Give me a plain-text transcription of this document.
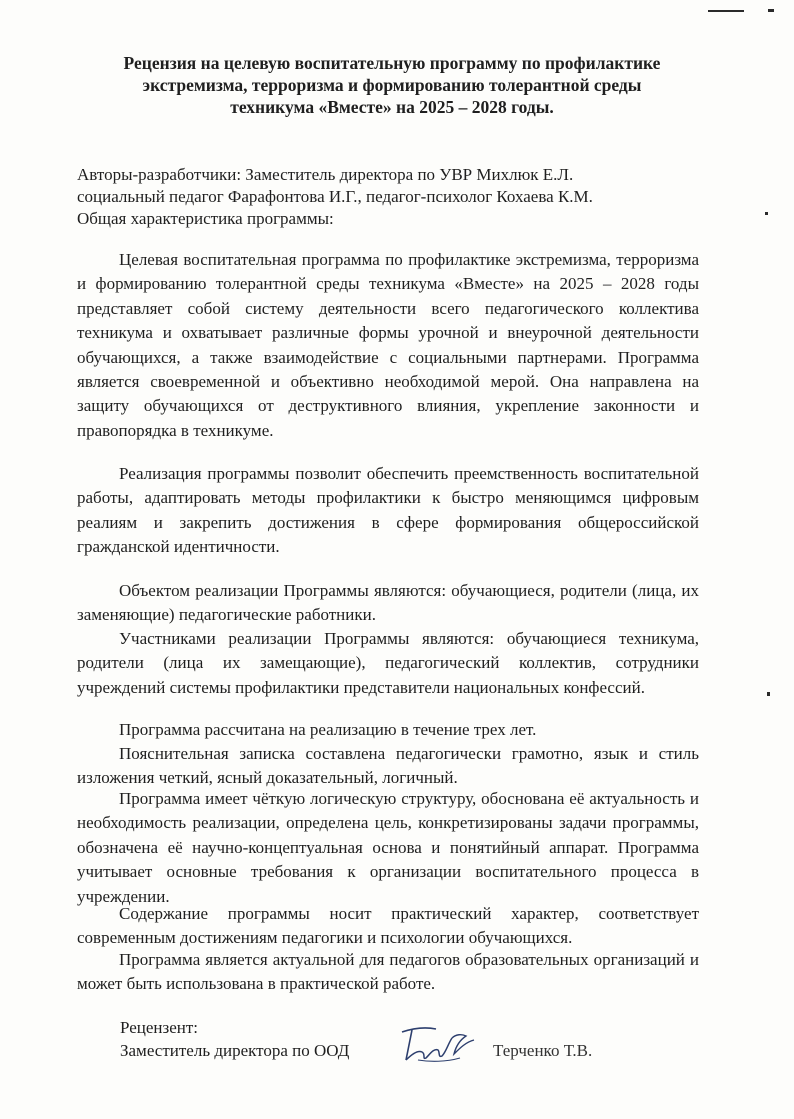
Рецензия на целевую воспитательную программу по профилактике
экстремизма, терроризма и формированию толерантной среды
техникума «Вместе» на 2025 – 2028 годы.
Авторы-разработчики: Заместитель директора по УВР Михлюк Е.Л.
социальный педагог Фарафонтова И.Г., педагог-психолог Кохаева К.М.
Общая характеристика программы:

Целевая воспитательная программа по профилактике экстремизма, терроризма и формированию толерантной среды техникума «Вместе» на 2025 – 2028 годы представляет собой систему деятельности всего педагогического коллектива техникума и охватывает различные формы урочной и внеурочной деятельности обучающихся, а также взаимодействие с социальными партнерами. Программа является своевременной и объективно необходимой мерой. Она направлена на защиту обучающихся от деструктивного влияния, укрепление законности и правопорядка в техникуме.

Реализация программы позволит обеспечить преемственность воспитательной работы, адаптировать методы профилактики к быстро меняющимся цифровым реалиям и закрепить достижения в сфере формирования общероссийской гражданской идентичности.

Объектом реализации Программы являются: обучающиеся, родители (лица, их заменяющие) педагогические работники.

Участниками реализации Программы являются: обучающиеся техникума, родители (лица их замещающие), педагогический коллектив, сотрудники учреждений системы профилактики представители национальных конфессий.

Программа рассчитана на реализацию в течение трех лет.

Пояснительная записка составлена педагогически грамотно, язык и стиль изложения четкий, ясный доказательный, логичный.

Программа имеет чёткую логическую структуру, обоснована её актуальность и необходимость реализации, определена цель, конкретизированы задачи программы, обозначена её научно-концептуальная основа и понятийный аппарат. Программа учитывает основные требования к организации воспитательного процесса в учреждении.

Содержание программы носит практический характер, соответствует современным достижениям педагогики и психологии обучающихся.

Программа является актуальной для педагогов образовательных организаций и может быть использована в практической работе.

Рецензент:
Заместитель директора по ООД	Терченко Т.В.
